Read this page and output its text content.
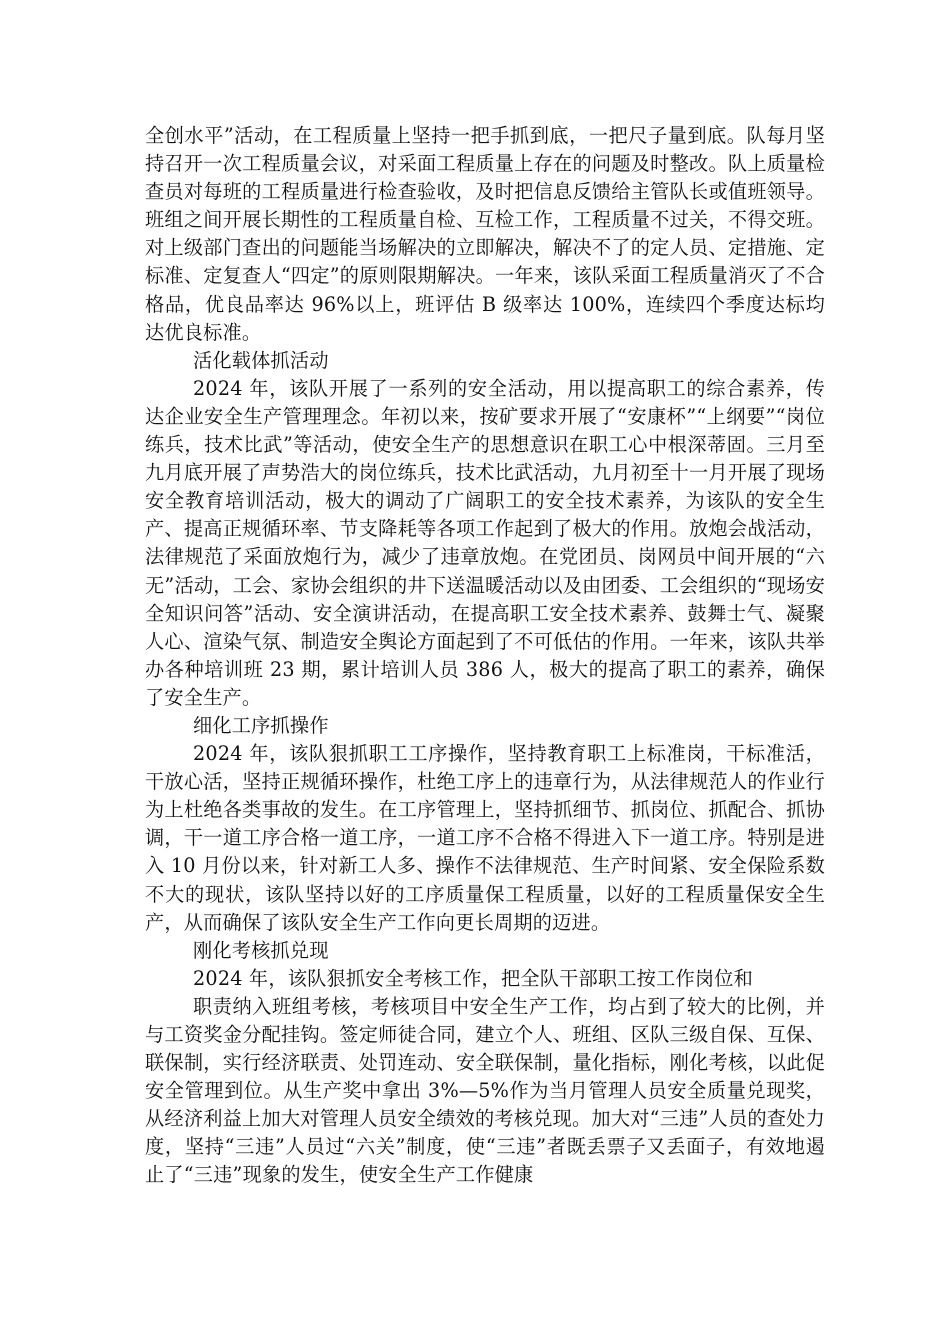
全创水平”活动，在工程质量上坚持一把手抓到底，一把尺子量到底。队每月坚持召开一次工程质量会议，对采面工程质量上存在的问题及时整改。队上质量检查员对每班的工程质量进行检查验收，及时把信息反馈给主管队长或值班领导。班组之间开展长期性的工程质量自检、互检工作，工程质量不过关，不得交班。对上级部门查出的问题能当场解决的立即解决，解决不了的定人员、定措施、定标准、定复查人“四定”的原则限期解决。一年来，该队采面工程质量消灭了不合格品，优良品率达 96%以上，班评估 B 级率达 100%，连续四个季度达标均达优良标准。

活化载体抓活动

2024 年，该队开展了一系列的安全活动，用以提高职工的综合素养，传达企业安全生产管理理念。年初以来，按矿要求开展了“安康杯”“上纲要”“岗位练兵，技术比武”等活动，使安全生产的思想意识在职工心中根深蒂固。三月至九月底开展了声势浩大的岗位练兵，技术比武活动，九月初至十一月开展了现场安全教育培训活动，极大的调动了广阔职工的安全技术素养，为该队的安全生产、提高正规循环率、节支降耗等各项工作起到了极大的作用。放炮会战活动，法律规范了采面放炮行为，减少了违章放炮。在党团员、岗网员中间开展的“六无”活动，工会、家协会组织的井下送温暖活动以及由团委、工会组织的“现场安全知识问答”活动、安全演讲活动，在提高职工安全技术素养、鼓舞士气、凝聚人心、渲染气氛、制造安全舆论方面起到了不可低估的作用。一年来，该队共举办各种培训班 23 期，累计培训人员 386 人，极大的提高了职工的素养，确保了安全生产。

细化工序抓操作

2024 年，该队狠抓职工工序操作，坚持教育职工上标准岗，干标准活，干放心活，坚持正规循环操作，杜绝工序上的违章行为，从法律规范人的作业行为上杜绝各类事故的发生。在工序管理上，坚持抓细节、抓岗位、抓配合、抓协调，干一道工序合格一道工序，一道工序不合格不得进入下一道工序。特别是进入 10 月份以来，针对新工人多、操作不法律规范、生产时间紧、安全保险系数不大的现状，该队坚持以好的工序质量保工程质量，以好的工程质量保安全生产，从而确保了该队安全生产工作向更长周期的迈进。

刚化考核抓兑现

2024 年，该队狠抓安全考核工作，把全队干部职工按工作岗位和

职责纳入班组考核，考核项目中安全生产工作，均占到了较大的比例，并与工资奖金分配挂钩。签定师徒合同，建立个人、班组、区队三级自保、互保、联保制，实行经济联责、处罚连动、安全联保制，量化指标，刚化考核，以此促安全管理到位。从生产奖中拿出 3%—5%作为当月管理人员安全质量兑现奖，从经济利益上加大对管理人员安全绩效的考核兑现。加大对“三违”人员的查处力度，坚持“三违”人员过“六关”制度，使“三违”者既丢票子又丢面子，有效地遏止了“三违”现象的发生，使安全生产工作健康
